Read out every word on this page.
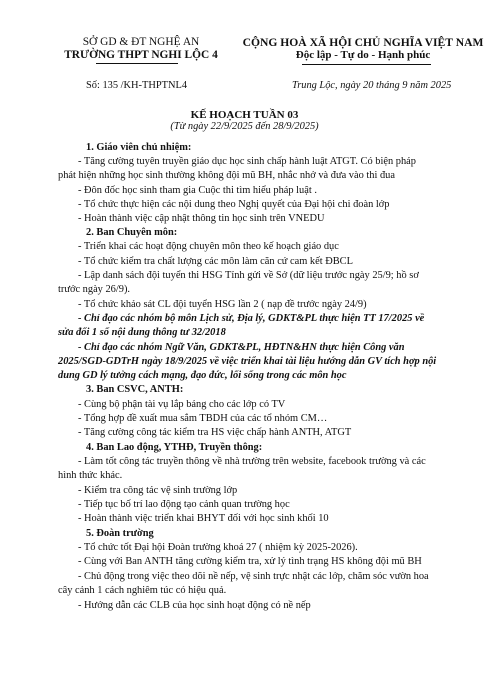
SỞ GD & ĐT NGHỆ AN
TRƯỜNG THPT NGHI LỘC 4
CỘNG HOÀ XÃ HỘI CHỦ NGHĨA VIỆT NAM
Độc lập - Tự do - Hạnh phúc
Số: 135 /KH-THPTNL4	Trung Lộc, ngày 20 tháng 9 năm 2025
KẾ HOẠCH TUẦN 03
(Từ ngày 22/9/2025 đến 28/9/2025)
1. Giáo viên chủ nhiệm:
- Tăng cường tuyên truyền giáo dục học sinh chấp hành luật ATGT. Có biện pháp
phát hiện những học sinh thường không đội mũ BH, nhắc nhở và đưa vào thi đua
- Đôn đốc học sinh tham gia Cuộc thi tìm hiểu pháp luật .
- Tổ chức thực hiện các nội dung theo Nghị quyết của Đại hội chi đoàn lớp
- Hoàn thành việc cập nhật thông tin học sinh trên VNEDU
2. Ban Chuyên môn:
- Triển khai các hoạt động chuyên môn theo kế hoạch giáo dục
- Tổ chức kiểm tra chất lượng các môn làm căn cứ cam kết ĐBCL
- Lập danh sách đội tuyển thi HSG Tỉnh gửi về Sở (dữ liệu trước ngày 25/9; hồ sơ
trước ngày 26/9).
- Tổ chức khảo sát CL đội tuyển HSG lần 2 ( nạp đề trước ngày 24/9)
- Chỉ đạo các nhóm bộ môn Lịch sử, Địa lý, GDKT&PL thực hiện TT 17/2025 về
sửa đổi 1 số nội dung thông tư 32/2018
- Chỉ đạo các nhóm Ngữ Văn, GDKT&PL, HĐTN&HN thực hiện Công văn
2025/SGD-GDTrH ngày 18/9/2025 về việc triển khai tài liệu hướng dẫn GV tích hợp nội
dung GD lý tưởng cách mạng, đạo đức, lối sống trong các môn học
3. Ban CSVC, ANTH:
- Cùng bộ phận tài vụ lắp bảng cho các lớp có TV
- Tổng hợp đề xuất mua sắm TBDH của các tổ nhóm CM…
- Tăng cường công tác kiểm tra HS việc chấp hành ANTH, ATGT
4. Ban Lao động, YTHĐ, Truyền thông:
- Làm tốt công tác truyền thông về nhà trường trên website, facebook trường và các
hình thức khác.
- Kiểm tra công tác vệ sinh trường lớp
- Tiếp tục bố trí lao động tạo cảnh quan trường học
- Hoàn thành việc triển khai BHYT đối với học sinh khối 10
5. Đoàn trường
- Tổ chức tốt Đại hội Đoàn trường khoá 27 ( nhiệm kỳ 2025-2026).
- Cùng với Ban ANTH tăng cường kiểm tra, xử lý tình trạng HS không đội mũ BH
- Chủ động trong việc theo dõi nề nếp, vệ sinh trực nhật các lớp, chăm sóc vườn hoa
cây cảnh 1 cách nghiêm túc có hiệu quả.
- Hướng dẫn các CLB của học sinh hoạt động có nề nếp
